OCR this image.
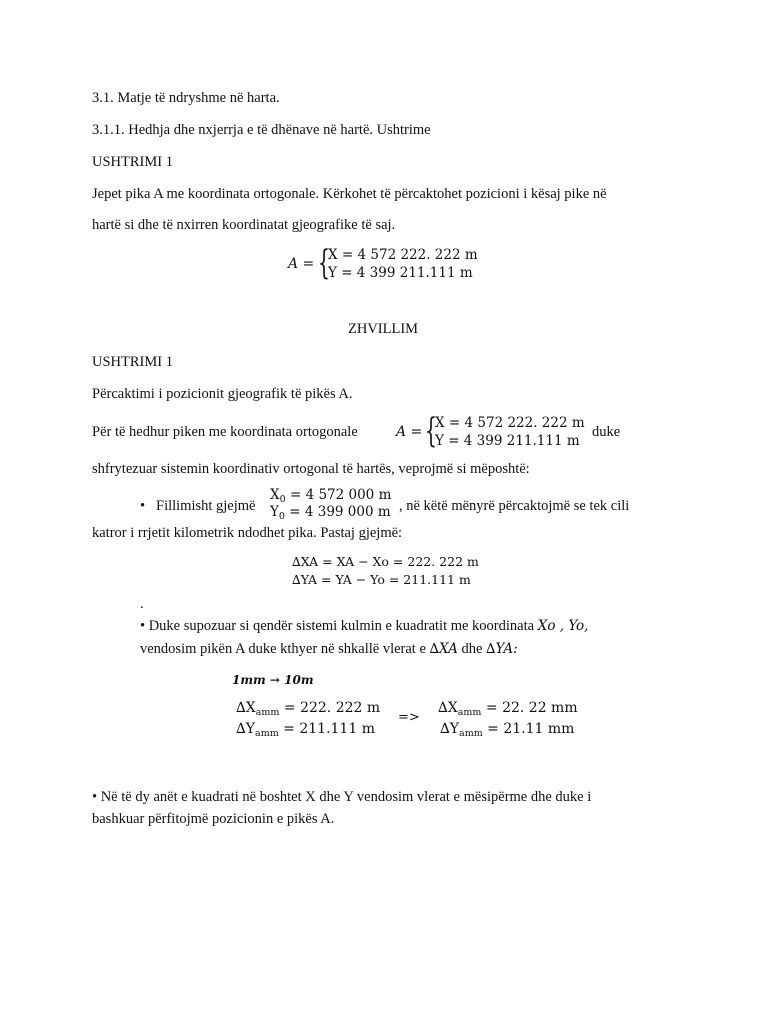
3.1. Matje të ndryshme në harta.
3.1.1. Hedhja dhe nxjerrja e të dhënave në hartë. Ushtrime
USHTRIMI 1
Jepet pika A me koordinata ortogonale. Kërkohet të përcaktohet pozicioni i kësaj pike në
hartë si dhe të nxirren koordinatat gjeografike të saj.
A = {
X = 4 572 222. 222 m
Y = 4 399 211.111 m
ZHVILLIM
USHTRIMI 1
Përcaktimi i pozicionit gjeografik të pikës A.
Për të hedhur piken me koordinata ortogonale	A = {
X = 4 572 222. 222 m
Y = 4 399 211.111 m
duke
shfrytezuar sistemin koordinativ ortogonal të hartës, veprojmë si mëposhtë:
• Fillimisht gjejmë
$X_0 = 4$ 572 000 m
$Y_0 = 4$ 399 000 m , në këtë mënyrë përcaktojmë se tek cili
katror i rrjetit kilometrik ndodhet pika. Pastaj gjejmë:
∆XA = XA − Xo = 222. 222 m
∆YA = YA − Yo = 211.111 m
.
• Duke supozuar si qendër sistemi kulmin e kuadratit me koordinata Xo , Yo,
vendosim pikën A duke kthyer në shkallë vlerat e ∆XA dhe ∆YA:
1mm → 10m
$\Delta X_{amm} = 222$. 222 m
$\Delta Y_{amm} = 211.111$ m
=>
$\Delta X_{amm} = 22$. 22 mm
$\Delta Y_{amm} = 21.11$ mm
• Në të dy anët e kuadrati në boshtet X dhe Y vendosim vlerat e mësipërme dhe duke i
bashkuar përfitojmë pozicionin e pikës A.
